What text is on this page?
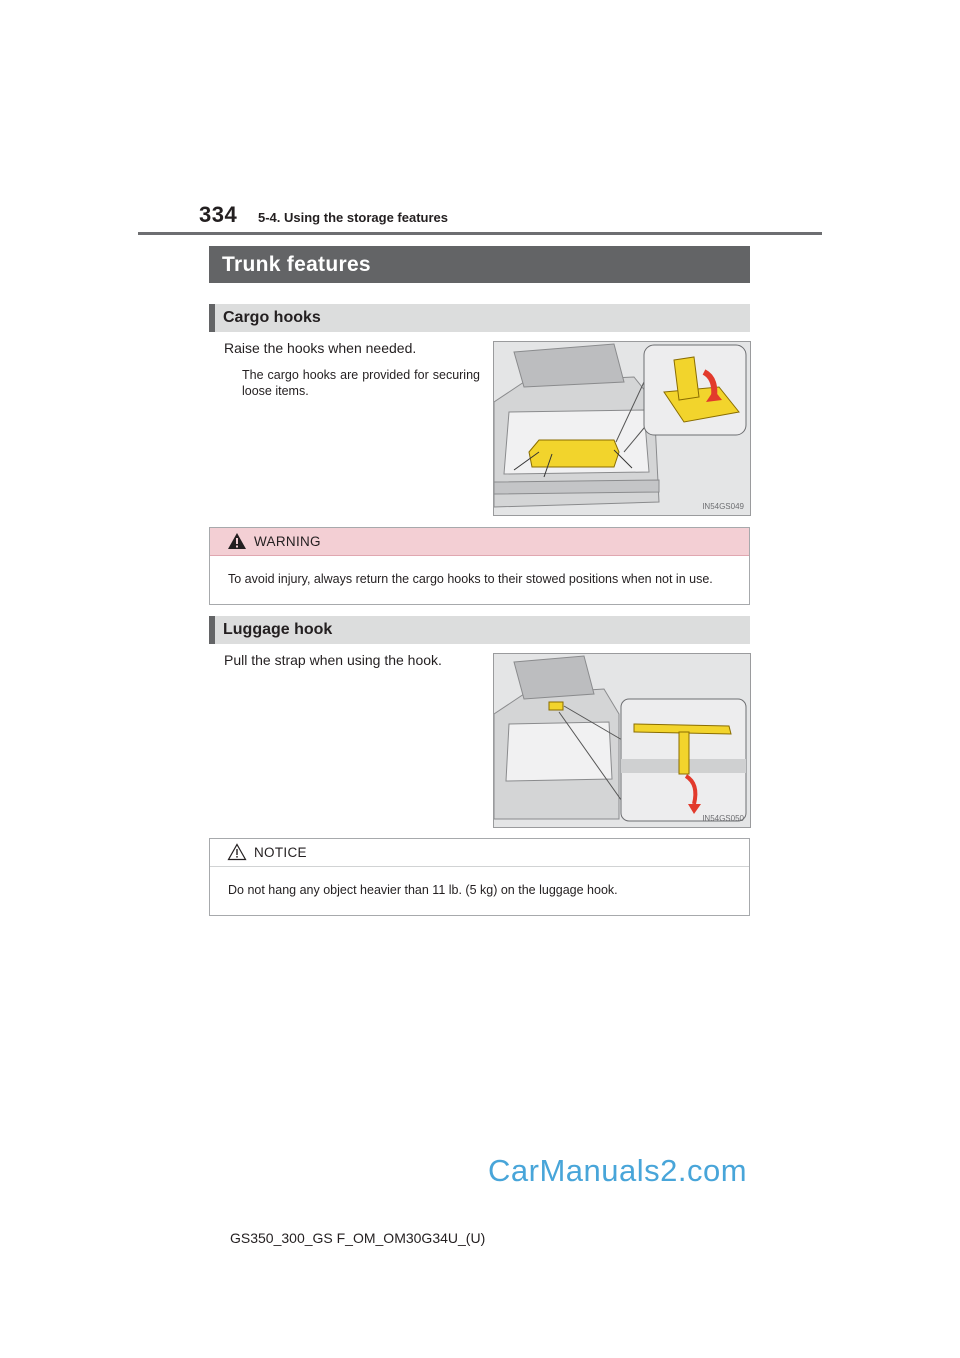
334 5-4. Using the storage features
Trunk features
Cargo hooks
Raise the hooks when needed.
The cargo hooks are provided for securing loose items.
IN54GS049
WARNING
To avoid injury, always return the cargo hooks to their stowed positions when not in use.
Luggage hook
Pull the strap when using the hook.
IN54GS050
NOTICE
Do not hang any object heavier than 11 lb. (5 kg) on the luggage hook.
CarManuals2.com
GS350_300_GS F_OM_OM30G34U_(U)
